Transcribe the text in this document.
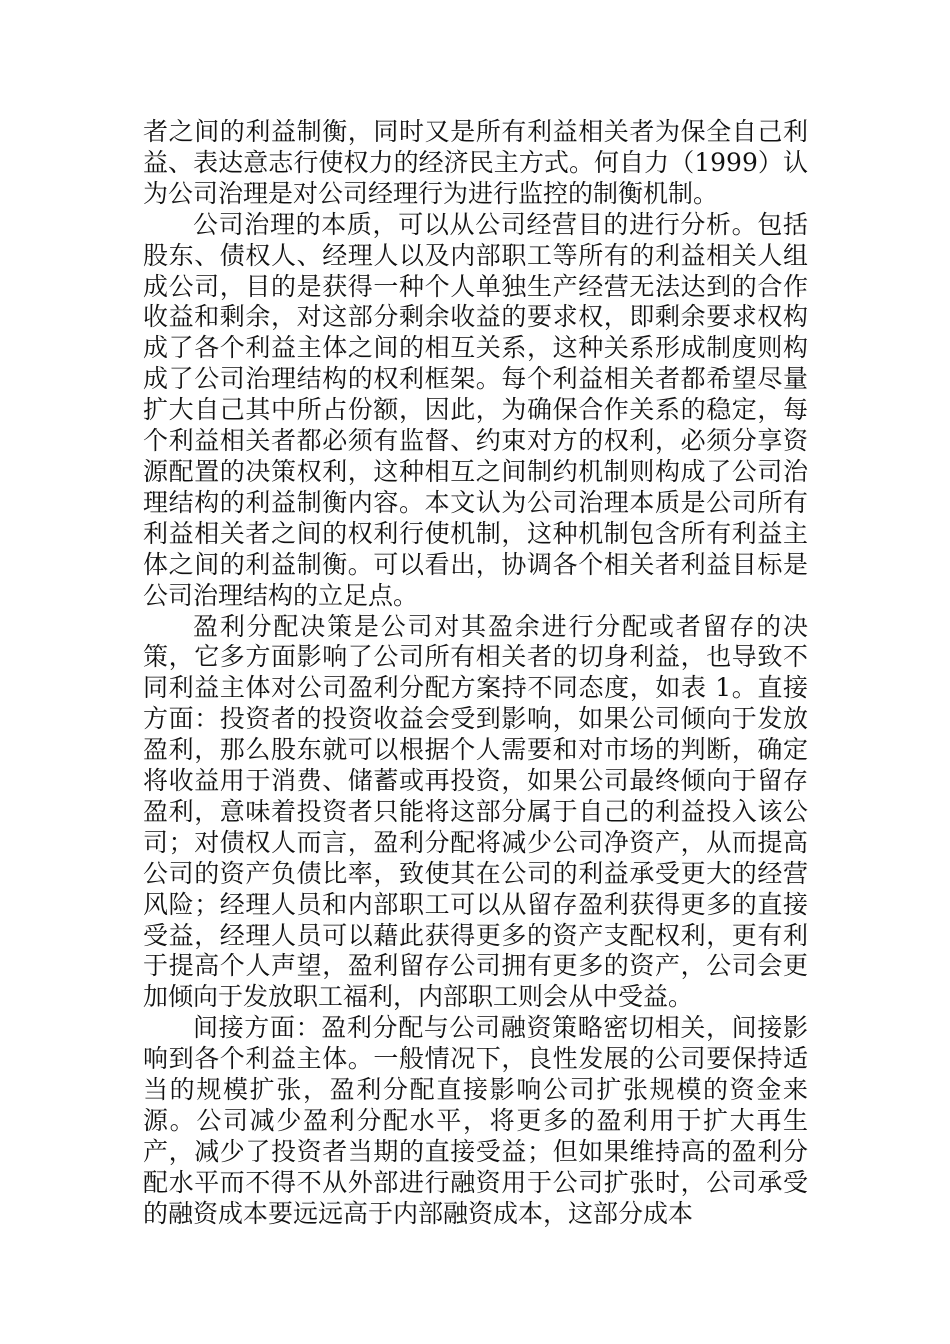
者之间的利益制衡，同时又是所有利益相关者为保全自己利益、表达意志行使权力的经济民主方式。何自力（1999）认为公司治理是对公司经理行为进行监控的制衡机制。

公司治理的本质，可以从公司经营目的进行分析。包括股东、债权人、经理人以及内部职工等所有的利益相关人组成公司，目的是获得一种个人单独生产经营无法达到的合作收益和剩余，对这部分剩余收益的要求权，即剩余要求权构成了各个利益主体之间的相互关系，这种关系形成制度则构成了公司治理结构的权利框架。每个利益相关者都希望尽量扩大自己其中所占份额，因此，为确保合作关系的稳定，每个利益相关者都必须有监督、约束对方的权利，必须分享资源配置的决策权利，这种相互之间制约机制则构成了公司治理结构的利益制衡内容。本文认为公司治理本质是公司所有利益相关者之间的权利行使机制，这种机制包含所有利益主体之间的利益制衡。可以看出，协调各个相关者利益目标是公司治理结构的立足点。

盈利分配决策是公司对其盈余进行分配或者留存的决策，它多方面影响了公司所有相关者的切身利益，也导致不同利益主体对公司盈利分配方案持不同态度，如表 1。直接方面：投资者的投资收益会受到影响，如果公司倾向于发放盈利，那么股东就可以根据个人需要和对市场的判断，确定将收益用于消费、储蓄或再投资，如果公司最终倾向于留存盈利，意味着投资者只能将这部分属于自己的利益投入该公司；对债权人而言，盈利分配将减少公司净资产，从而提高公司的资产负债比率，致使其在公司的利益承受更大的经营风险；经理人员和内部职工可以从留存盈利获得更多的直接受益，经理人员可以藉此获得更多的资产支配权利，更有利于提高个人声望，盈利留存公司拥有更多的资产，公司会更加倾向于发放职工福利，内部职工则会从中受益。

间接方面：盈利分配与公司融资策略密切相关，间接影响到各个利益主体。一般情况下，良性发展的公司要保持适当的规模扩张，盈利分配直接影响公司扩张规模的资金来源。公司减少盈利分配水平，将更多的盈利用于扩大再生产，减少了投资者当期的直接受益；但如果维持高的盈利分配水平而不得不从外部进行融资用于公司扩张时，公司承受的融资成本要远远高于内部融资成本，这部分成本
